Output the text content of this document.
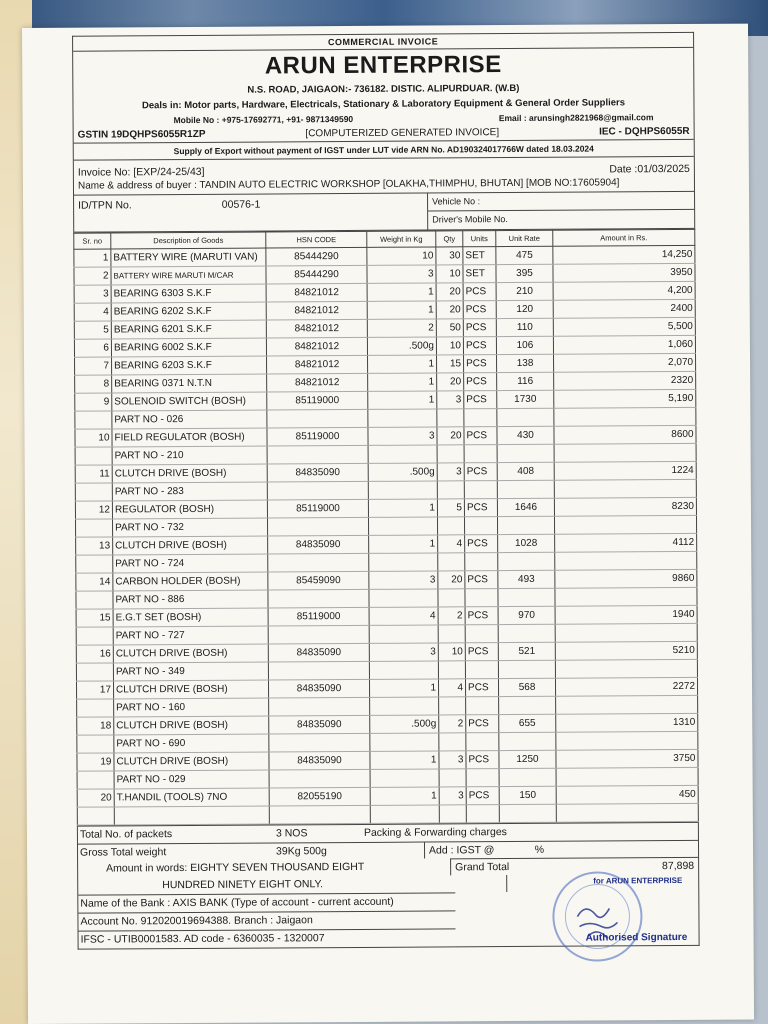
COMMERCIAL INVOICE
ARUN ENTERPRISE
N.S. ROAD, JAIGAON:- 736182. DISTIC. ALIPURDUAR. (W.B)
Deals in: Motor parts, Hardware, Electricals, Stationary & Laboratory Equipment & General Order Suppliers
Mobile No : +975-17692771, +91- 9871349590	Email : arunsingh2821968@gmail.com
GSTIN 19DQHPS6055R1ZP	[COMPUTERIZED GENERATED INVOICE]	IEC - DQHPS6055R
Supply of Export without payment of IGST under LUT vide ARN No. AD190324017766W dated 18.03.2024
Invoice No: [EXP/24-25/43]	Date :01/03/2025
Name & address of buyer : TANDIN AUTO ELECTRIC WORKSHOP [OLAKHA,THIMPHU, BHUTAN] [MOB NO:17605904]
ID/TPN No.	00576-1	Vehicle No :
Driver's Mobile No.
Sr. no	Description of Goods	HSN CODE	Weight in Kg	Qty	Units	Unit Rate	Amount in Rs.
1	BATTERY WIRE (MARUTI VAN)	85444290	10	30	SET	475	14,250
2	BATTERY WIRE MARUTI M/CAR	85444290	3	10	SET	395	3950
3	BEARING 6303 S.K.F	84821012	1	20	PCS	210	4,200
4	BEARING 6202 S.K.F	84821012	1	20	PCS	120	2400
5	BEARING 6201 S.K.F	84821012	2	50	PCS	110	5,500
6	BEARING 6002 S.K.F	84821012	.500g	10	PCS	106	1,060
7	BEARING 6203 S.K.F	84821012	1	15	PCS	138	2,070
8	BEARING 0371 N.T.N	84821012	1	20	PCS	116	2320
9	SOLENOID SWITCH (BOSH)	85119000	1	3	PCS	1730	5,190
	PART NO - 026						
10	FIELD REGULATOR (BOSH)	85119000	3	20	PCS	430	8600
	PART NO - 210						
11	CLUTCH DRIVE (BOSH)	84835090	.500g	3	PCS	408	1224
	PART NO - 283						
12	REGULATOR (BOSH)	85119000	1	5	PCS	1646	8230
	PART NO - 732						
13	CLUTCH DRIVE (BOSH)	84835090	1	4	PCS	1028	4112
	PART NO - 724						
14	CARBON HOLDER (BOSH)	85459090	3	20	PCS	493	9860
	PART NO - 886						
15	E.G.T SET (BOSH)	85119000	4	2	PCS	970	1940
	PART NO - 727						
16	CLUTCH DRIVE (BOSH)	84835090	3	10	PCS	521	5210
	PART NO - 349						
17	CLUTCH DRIVE (BOSH)	84835090	1	4	PCS	568	2272
	PART NO - 160						
18	CLUTCH DRIVE (BOSH)	84835090	.500g	2	PCS	655	1310
	PART NO - 690						
19	CLUTCH DRIVE (BOSH)	84835090	1	3	PCS	1250	3750
	PART NO - 029						
20	T.HANDIL (TOOLS) 7NO	82055190	1	3	PCS	150	450

Total No. of packets	3 NOS	Packing & Forwarding charges
Gross Total weight	39Kg 500g	Add : IGST @	%
Amount in words: EIGHTY SEVEN THOUSAND EIGHT	Grand Total	87,898
HUNDRED NINETY EIGHT ONLY.
Name of the Bank : AXIS BANK (Type of account - current account)
Account No. 912020019694388. Branch : Jaigaon
IFSC - UTIB0001583. AD code - 6360035 - 1320007
for ARUN ENTERPRISE
Authorised Signature
